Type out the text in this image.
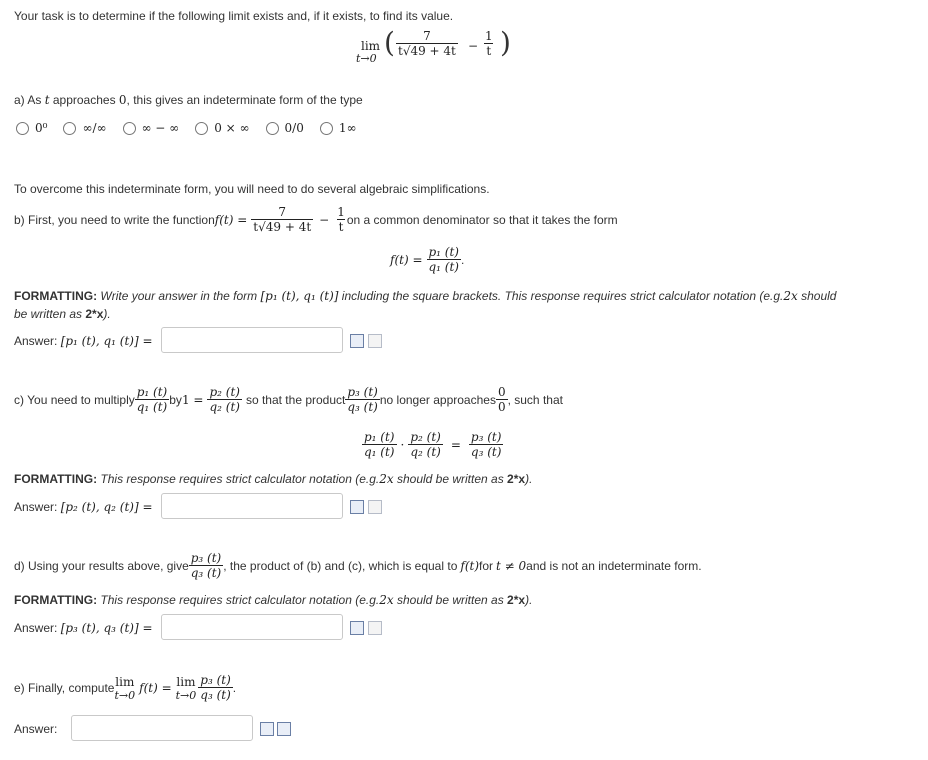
Your task is to determine if the following limit exists and, if it exists, to find its value.
lim
t→0 ( $\frac{7}{t√49 + 4t} - \frac{1}{t}$ )
a) As t approaches 0, this gives an indeterminate form of the type
0⁰	∞/∞	∞ − ∞	0 × ∞	0/0	1∞
To overcome this indeterminate form, you will need to do several algebraic simplifications.
b) First, you need to write the function $f(t) = \frac{7}{t√49 + 4t} - \frac{1}{t}$ on a common denominator so that it takes the form
$f(t) = \frac{\text{p₁ (t)}}{\text{q₁ (t)}}$ .
FORMATTING: Write your answer in the form [p₁ (t), q₁ (t)] including the square brackets. This response requires strict calculator notation (e.g.2x should
be written as 2*x).
Answer: [p₁ (t), q₁ (t)] =
c) You need to multiply $\frac{\text{p₁ (t)}}{\text{q₁ (t)}}$ by $1 = \frac{\text{p₂ (t)}}{\text{q₂ (t)}}$ so that the product $\frac{\text{p₃ (t)}}{\text{q₃ (t)}}$ no longer approaches $\frac{0}{0}$ , such that
$\frac{\text{p₁ (t)}}{\text{q₁ (t)}} \cdot \frac{\text{p₂ (t)}}{\text{q₂ (t)}} = \frac{\text{p₃ (t)}}{\text{q₃ (t)}}$
FORMATTING: This response requires strict calculator notation (e.g.2x should be written as 2*x).
Answer: [p₂ (t), q₂ (t)] =
d) Using your results above, give $\frac{\text{p₃ (t)}}{\text{q₃ (t)}}$ , the product of (b) and (c), which is equal to f(t) for t ≠ 0 and is not an indeterminate form.
FORMATTING: This response requires strict calculator notation (e.g.2x should be written as 2*x).
Answer: [p₃ (t), q₃ (t)] =
e) Finally, compute lim
t→0 f(t) = lim
$t\to 0 \frac{\text{p₃ (t)}}{\text{q₃ (t)}}$ .
Answer:
